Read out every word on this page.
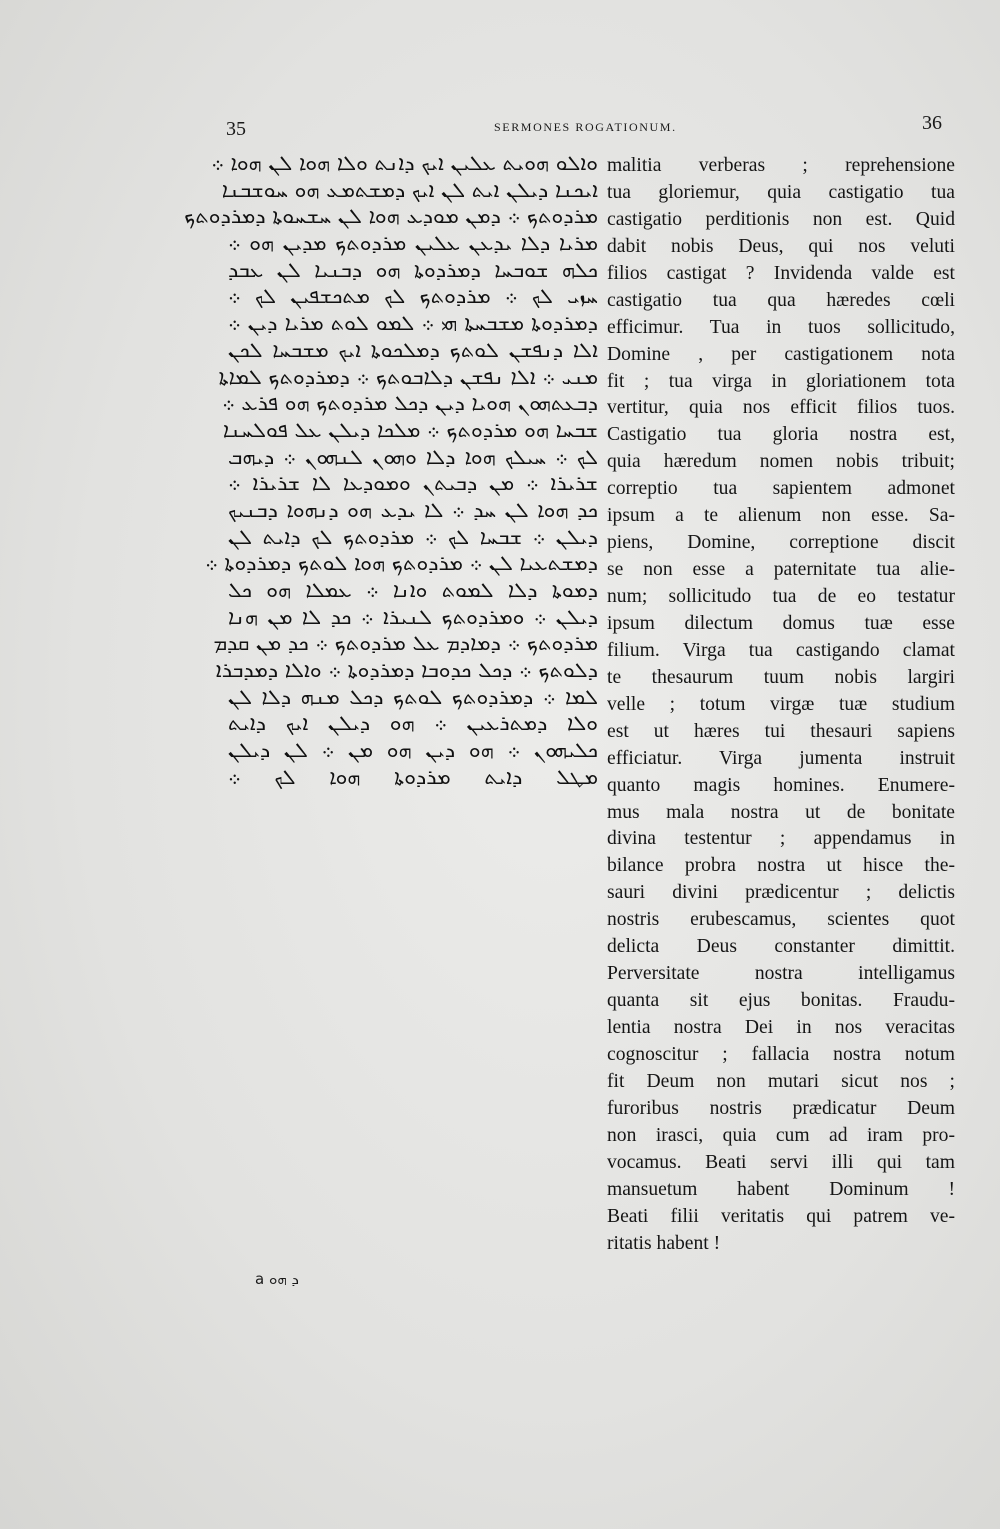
35	SERMONES ROGATIONUM.	36
ܘܐܠܘ ܗܘܝܬ ܥܠܝܢ ܐܝܟ ܕܐܢܬ ܘܠܐ ܗܘܐ ܠܢ ܗܘܐ ܀
ܐܝܟܢܐ ܕܝܠܢ ܐܝܬ ܠܢ ܐܝܟ ܕܡܫܬܡܥ ܗܘ ܚܘܫܒܢܐ
ܡܪܕܘܬܟ ܀ ܕܡܢ ܡܘܕܥ ܗܘܐ ܠܢ ܚܫܚܘܬܐ ܕܡܪܕܘܬܟ
ܡܪܝܐ ܕܠܐ ܝܕܥܢ ܥܠܝܢ ܡܪܕܘܬܟ ܡܕܝܢ ܗܘ ܀
ܟܠܗ ܫܘܒܚܐ ܕܡܪܕܘܬܐ ܗܘ ܕܒܢܝܐ ܠܢ ܥܒܕ
ܚܙܝ ܠܟ ܀ ܡܪܕܘܬܟ ܠܟ ܡܬܟܫܦܝܢ ܠܟ ܀
ܕܡܪܕܘܬܐ ܡܫܒܚܬܐ ܗܝ ܀ ܠܡܘ ܠܘܬ ܡܪܝܐ ܕܝܢ ܀
ܐܠܐ ܕܢܦܫܢ ܠܘܬܟ ܕܡܠܟܘܬܐ ܐܝܟ ܡܫܒܚܐ ܠܟܢ
ܡܢܝ ܀ ܐܠܐ ܢܦܫܢ ܕܠܐܒܘܬܟ ܀ ܕܡܪܕܘܬܟ ܠܡܐܬܐ
ܕܒܥܬܗܘܢ ܗܘܝܐ ܕܝܢ ܕܟܠ ܡܪܕܘܬܟ ܗܘ ܦܪܥ ܀
ܫܒܚܐ ܗܘ ܡܪܕܘܬܟ ܀ ܡܠܟܐ ܕܝܠܢ ܥܠ ܦܘܠܚܢܐ
ܠܟ ܀ ܚܝܠܟ ܗܘܐ ܕܠܐ ܘܗܘܢ ܠܢܗܘܢ ܀ ܕܝܗܒ
ܫܪܝܪܐ ܀ ܡܢ ܕܒܝܬܢ ܘܡܘܕܥܐ ܠܐ ܫܪܝܪܐ ܀
ܟܕ ܗܘܐ ܠܢ ܚܕ ܀ ܠܐ ܝܕܥ ܗܘ ܕܢܗܘܐ ܕܒܢܝܟ
ܕܝܠܢ ܀ ܫܒܚܐ ܠܟ ܀ ܡܪܕܘܬܟ ܠܟ ܕܐܝܬ ܠܢ
ܕܡܫܬܥܝܐ ܠܢ ܀ ܡܪܕܘܬܟ ܗܘܐ ܠܘܬܟ ܕܡܪܕܘܬܐ ܀
ܕܡܘܬܐ ܕܠܐ ܠܡܘܬ ܘܐܢܐ ܀ ܥܡܠܐ ܗܘ ܟܠ
ܕܝܠܢ ܀ ܘܡܪܕܘܬܟ ܠܢܝܪܐ ܀ ܟܕ ܠܐ ܡܢ ܗܢܐ
ܡܪܕܘܬܟ ܀ ܕܡܐܕܡ ܥܠ ܡܪܕܘܬܟ ܀ ܟܕ ܡܢ ܩܕܡ
ܕܠܘܬܟ ܀ ܕܟܠ ܟܕܘܒܐ ܕܡܪܕܘܬܐ ܀ ܘܐܠܐ ܕܡܕܒܪܐ
ܠܡܐ ܀ ܕܡܪܕܘܬܟ ܠܘܬܟ ܕܟܠ ܡܢܗ ܕܠܐ ܠܢ
ܘܠܐ ܕܡܬܪܥܝܢ ܀ ܗܘ ܕܝܠܢ ܐܝܟ ܕܐܝܬ
ܟܠܝܗܘܢ ܀ ܗܘ ܕܝܢ ܗܘ ܡܢ ܀ ܠܢ ܕܝܠܢ
ܡܛܠ ܕܐܝܬ ܡܪܕܘܬܐ ܗܘܐ ܠܟ ܀
malitia verberas ; reprehensione
tua gloriemur, quia castigatio tua
castigatio perditionis non est. Quid
dabit nobis Deus, qui nos veluti
filios castigat ? Invidenda valde est
castigatio tua qua hæredes cœli
efficimur. Tua in tuos sollicitudo,
Domine , per castigationem nota
fit ; tua virga in gloriationem tota
vertitur, quia nos efficit filios tuos.
Castigatio tua gloria nostra est,
quia hæredum nomen nobis tribuit;
correptio tua sapientem admonet
ipsum a te alienum non esse. Sa-
piens, Domine, correptione discit
se non esse a paternitate tua alie-
num; sollicitudo tua de eo testatur
ipsum dilectum domus tuæ esse
filium. Virga tua castigando clamat
te thesaurum tuum nobis largiri
velle ; totum virgæ tuæ studium
est ut hæres tui thesauri sapiens
efficiatur. Virga jumenta instruit
quanto magis homines. Enumere-
mus mala nostra ut de bonitate
divina testentur ; appendamus in
bilance probra nostra ut hisce the-
sauri divini prædicentur ; delictis
nostris erubescamus, scientes quot
delicta Deus constanter dimittit.
Perversitate nostra intelligamus
quanta sit ejus bonitas. Fraudu-
lentia nostra Dei in nos veracitas
cognoscitur ; fallacia nostra notum
fit Deum non mutari sicut nos ;
furoribus nostris prædicatur Deum
non irasci, quia cum ad iram pro-
vocamus. Beati servi illi qui tam
mansuetum habent Dominum !
Beati filii veritatis qui patrem ve-
ritatis habent !
a ܕ ܗܘ
